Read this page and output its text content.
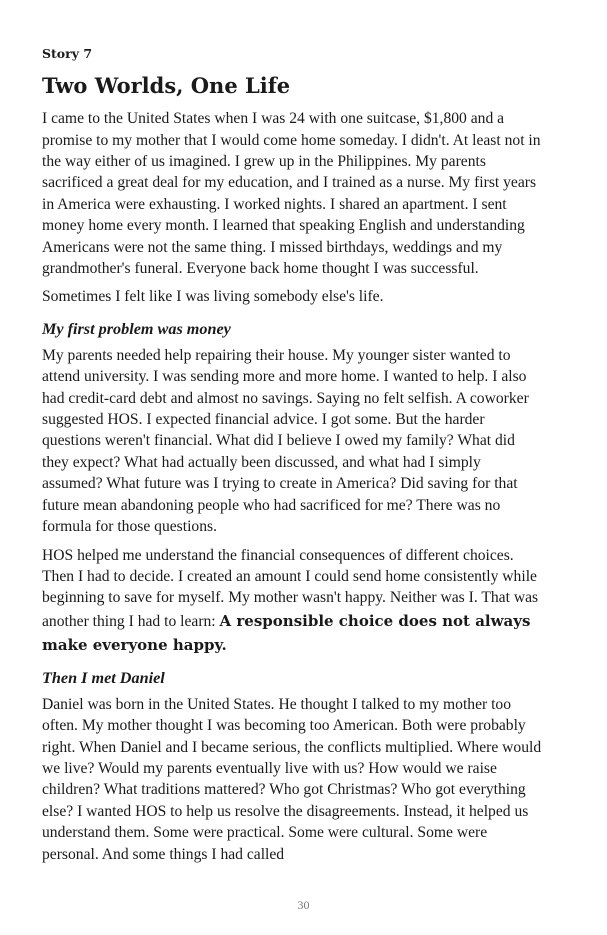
Story 7
Two Worlds, One Life

I came to the United States when I was 24 with one suitcase, $1,800 and a promise to my mother that I would come home someday. I didn't. At least not in the way either of us imagined. I grew up in the Philippines. My parents sacrificed a great deal for my education, and I trained as a nurse. My first years in America were exhausting. I worked nights. I shared an apartment. I sent money home every month. I learned that speaking English and understanding Americans were not the same thing. I missed birthdays, weddings and my grandmother's funeral. Everyone back home thought I was successful.

Sometimes I felt like I was living somebody else's life.

My first problem was money

My parents needed help repairing their house. My younger sister wanted to attend university. I was sending more and more home. I wanted to help. I also had credit-card debt and almost no savings. Saying no felt selfish. A coworker suggested HOS. I expected financial advice. I got some. But the harder questions weren't financial. What did I believe I owed my family? What did they expect? What had actually been discussed, and what had I simply assumed? What future was I trying to create in America? Did saving for that future mean abandoning people who had sacrificed for me? There was no formula for those questions.

HOS helped me understand the financial consequences of different choices. Then I had to decide. I created an amount I could send home consistently while beginning to save for myself. My mother wasn't happy. Neither was I. That was another thing I had to learn: A responsible choice does not always make everyone happy.

Then I met Daniel

Daniel was born in the United States. He thought I talked to my mother too often. My mother thought I was becoming too American. Both were probably right. When Daniel and I became serious, the conflicts multiplied. Where would we live? Would my parents eventually live with us? How would we raise children? What traditions mattered? Who got Christmas? Who got everything else? I wanted HOS to help us resolve the disagreements. Instead, it helped us understand them. Some were practical. Some were cultural. Some were personal. And some things I had called

30
